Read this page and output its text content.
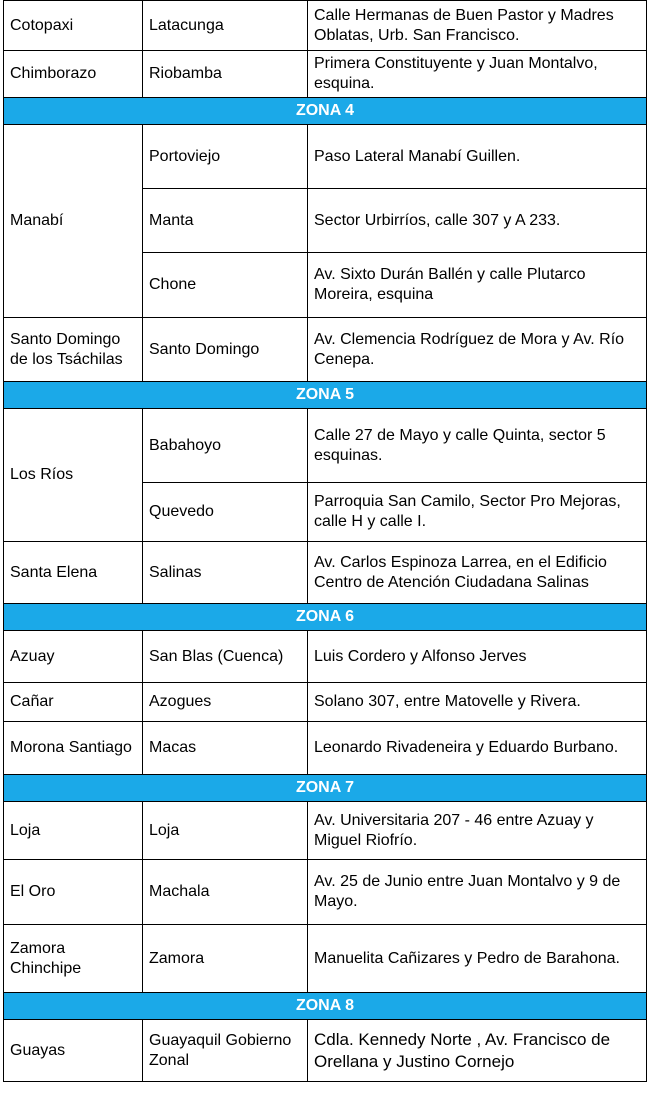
Cotopaxi	Latacunga	Calle Hermanas de Buen Pastor y Madres Oblatas, Urb. San Francisco.
Chimborazo	Riobamba	Primera Constituyente y Juan Montalvo, esquina.
ZONA 4		
Manabí	Portoviejo	Paso Lateral Manabí Guillen.
	Manta	Sector Urbirríos, calle 307 y A 233.
	Chone	Av. Sixto Durán Ballén y calle Plutarco Moreira, esquina
Santo Domingo de los Tsáchilas	Santo Domingo	Av. Clemencia Rodríguez de Mora y Av. Río Cenepa.
ZONA 5		
Los Ríos	Babahoyo	Calle 27 de Mayo y calle Quinta, sector 5 esquinas.
	Quevedo	Parroquia San Camilo, Sector Pro Mejoras, calle H y calle I.
Santa Elena	Salinas	Av. Carlos Espinoza Larrea, en el Edificio Centro de Atención Ciudadana Salinas
ZONA 6		
Azuay	San Blas (Cuenca)	Luis Cordero y Alfonso Jerves
Cañar	Azogues	Solano 307, entre Matovelle y Rivera.
Morona Santiago	Macas	Leonardo Rivadeneira y Eduardo Burbano.
ZONA 7		
Loja	Loja	Av. Universitaria 207 - 46 entre Azuay y Miguel Riofrío.
El Oro	Machala	Av. 25 de Junio entre Juan Montalvo y 9 de Mayo.
Zamora Chinchipe	Zamora	Manuelita Cañizares y Pedro de Barahona.
ZONA 8		
Guayas	Guayaquil Gobierno Zonal	Cdla. Kennedy Norte , Av. Francisco de Orellana y Justino Cornejo
